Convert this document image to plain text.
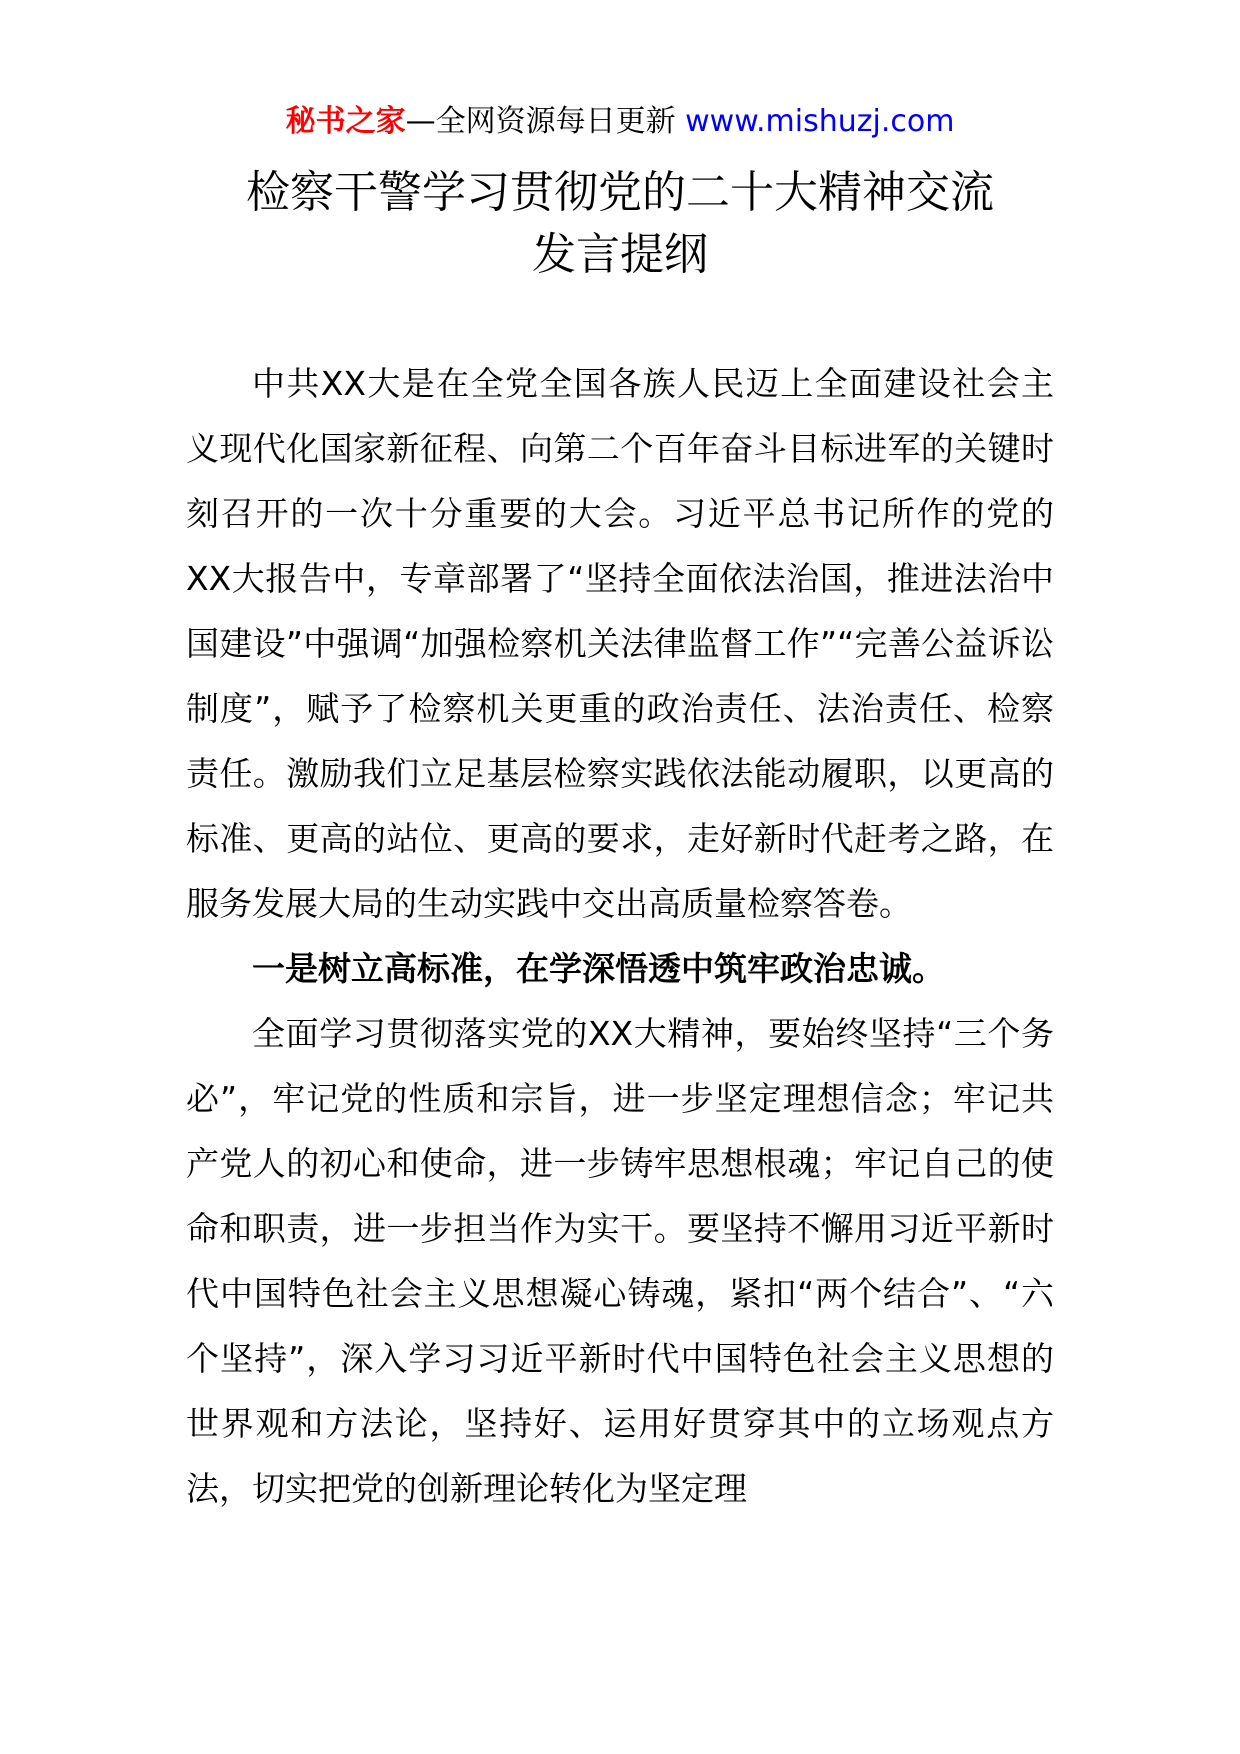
秘书之家—全网资源每日更新 www.mishuzj.com
检察干警学习贯彻党的二十大精神交流
发言提纲

中共XX大是在全党全国各族人民迈上全面建设社会主义现代化国家新征程、向第二个百年奋斗目标进军的关键时刻召开的一次十分重要的大会。习近平总书记所作的党的XX大报告中，专章部署了“坚持全面依法治国，推进法治中国建设”中强调“加强检察机关法律监督工作”“完善公益诉讼制度”，赋予了检察机关更重的政治责任、法治责任、检察责任。激励我们立足基层检察实践依法能动履职，以更高的标准、更高的站位、更高的要求，走好新时代赶考之路，在服务发展大局的生动实践中交出高质量检察答卷。

一是树立高标准，在学深悟透中筑牢政治忠诚。

全面学习贯彻落实党的XX大精神，要始终坚持“三个务必”，牢记党的性质和宗旨，进一步坚定理想信念；牢记共产党人的初心和使命，进一步铸牢思想根魂；牢记自己的使命和职责，进一步担当作为实干。要坚持不懈用习近平新时代中国特色社会主义思想凝心铸魂，紧扣“两个结合”、“六个坚持”，深入学习习近平新时代中国特色社会主义思想的世界观和方法论，坚持好、运用好贯穿其中的立场观点方法，切实把党的创新理论转化为坚定理
